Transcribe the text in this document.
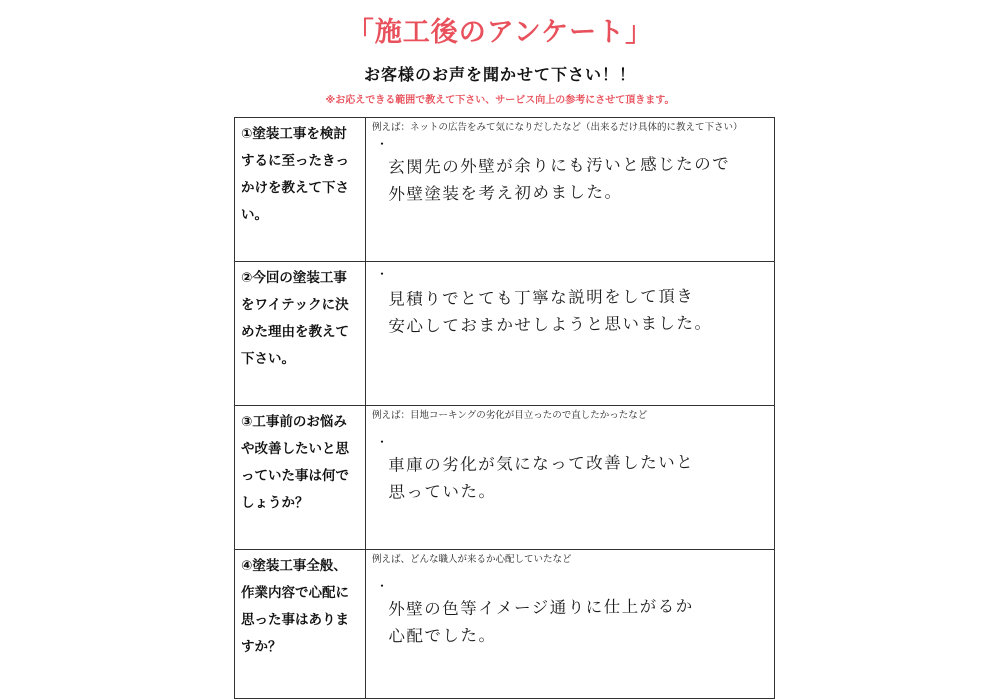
「施工後のアンケート」
お客様のお声を聞かせて下さい！！
※お応えできる範囲で教えて下さい、サービス向上の参考にさせて頂きます。
①塗装工事を検討するに至ったきっかけを教えて下さい。	例えば：ネットの広告をみて気になりだしたなど（出来るだけ具体的に教えて下さい）
・
玄関先の外壁が余りにも汚いと感じたので
外壁塗装を考え初めました。

②今回の塗装工事をワイテックに決めた理由を教えて下さい。	・
見積りでとても丁寧な説明をして頂き
安心しておまかせしようと思いました。

③工事前のお悩みや改善したいと思っていた事は何でしょうか？	例えば：目地コーキングの劣化が目立ったので直したかったなど
・
車庫の劣化が気になって改善したいと
思っていた。

④塗装工事全般、作業内容で心配に思った事はありますか？	例えば、どんな職人が来るか心配していたなど
・
外壁の色等イメージ通りに仕上がるか
心配でした。
